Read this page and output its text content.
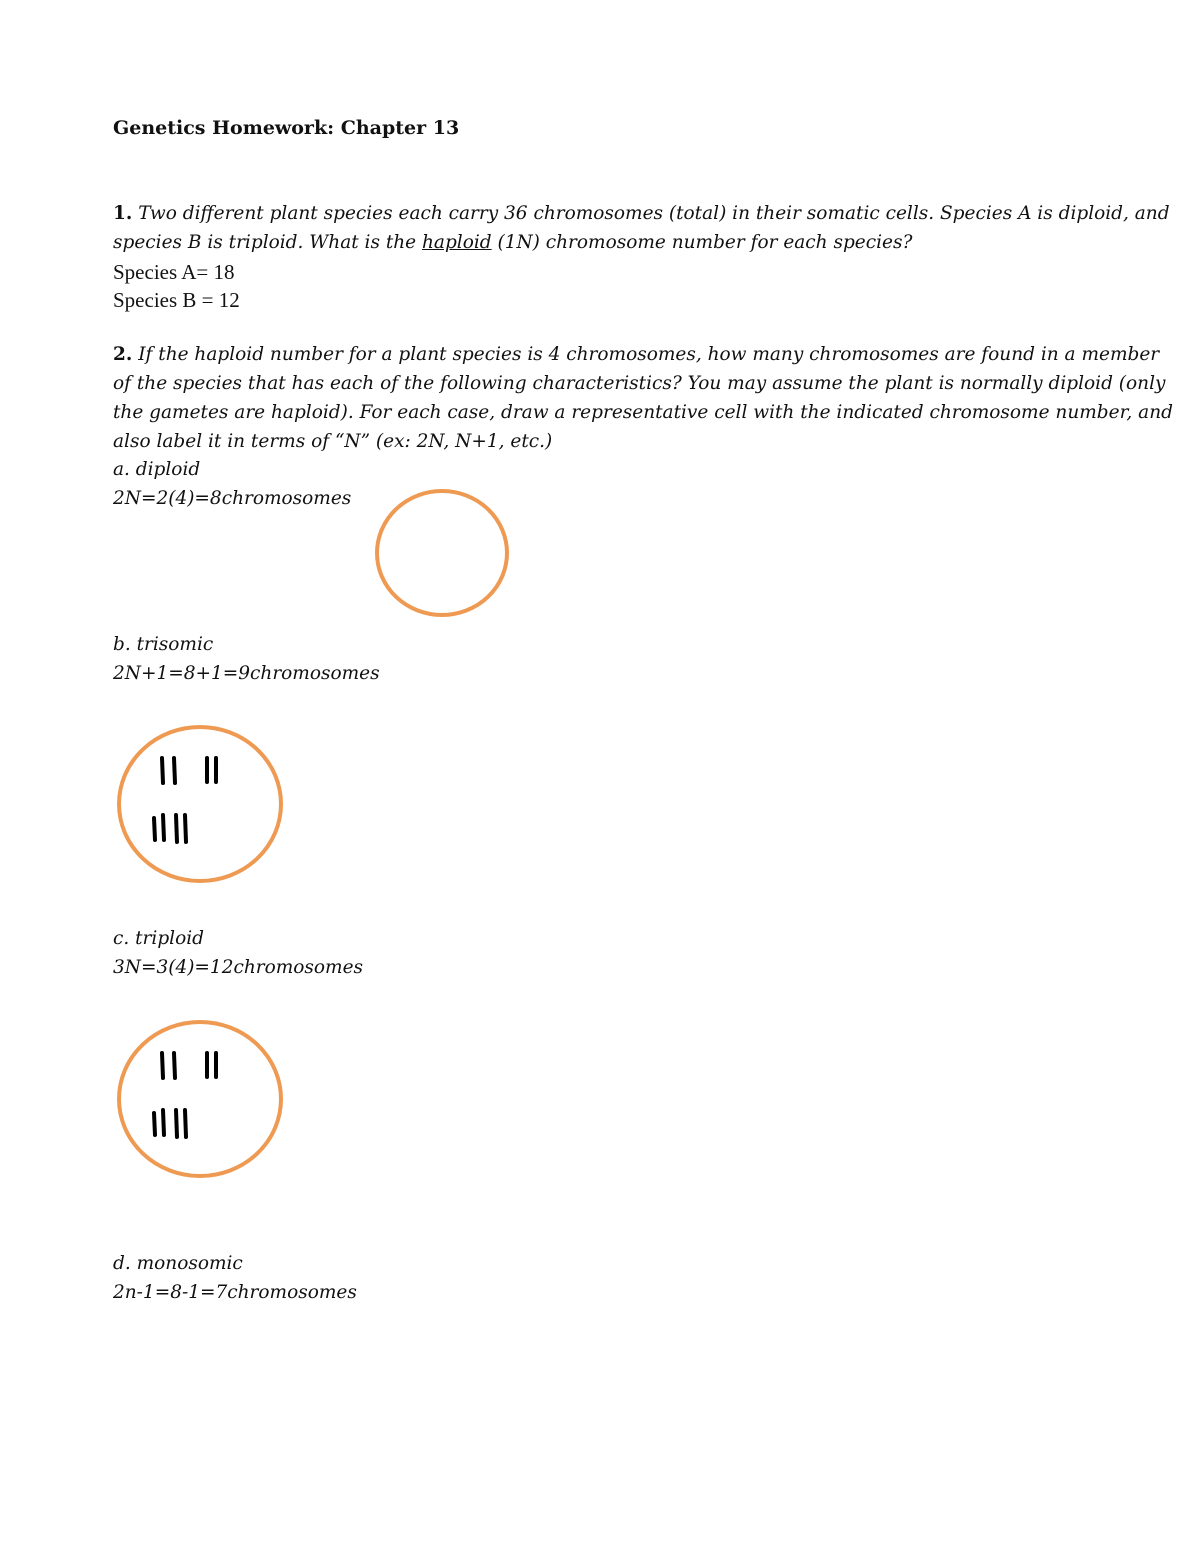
Genetics Homework: Chapter 13
1. Two different plant species each carry 36 chromosomes (total) in their somatic cells. Species A is diploid, and
species B is triploid. What is the haploid (1N) chromosome number for each species?
Species A= 18
Species B = 12
2. If the haploid number for a plant species is 4 chromosomes, how many chromosomes are found in a member
of the species that has each of the following characteristics? You may assume the plant is normally diploid (only
the gametes are haploid). For each case, draw a representative cell with the indicated chromosome number, and
also label it in terms of “N” (ex: 2N, N+1, etc.)
a. diploid
2N=2(4)=8chromosomes
b. trisomic
2N+1=8+1=9chromosomes
c. triploid
3N=3(4)=12chromosomes
d. monosomic
2n-1=8-1=7chromosomes
